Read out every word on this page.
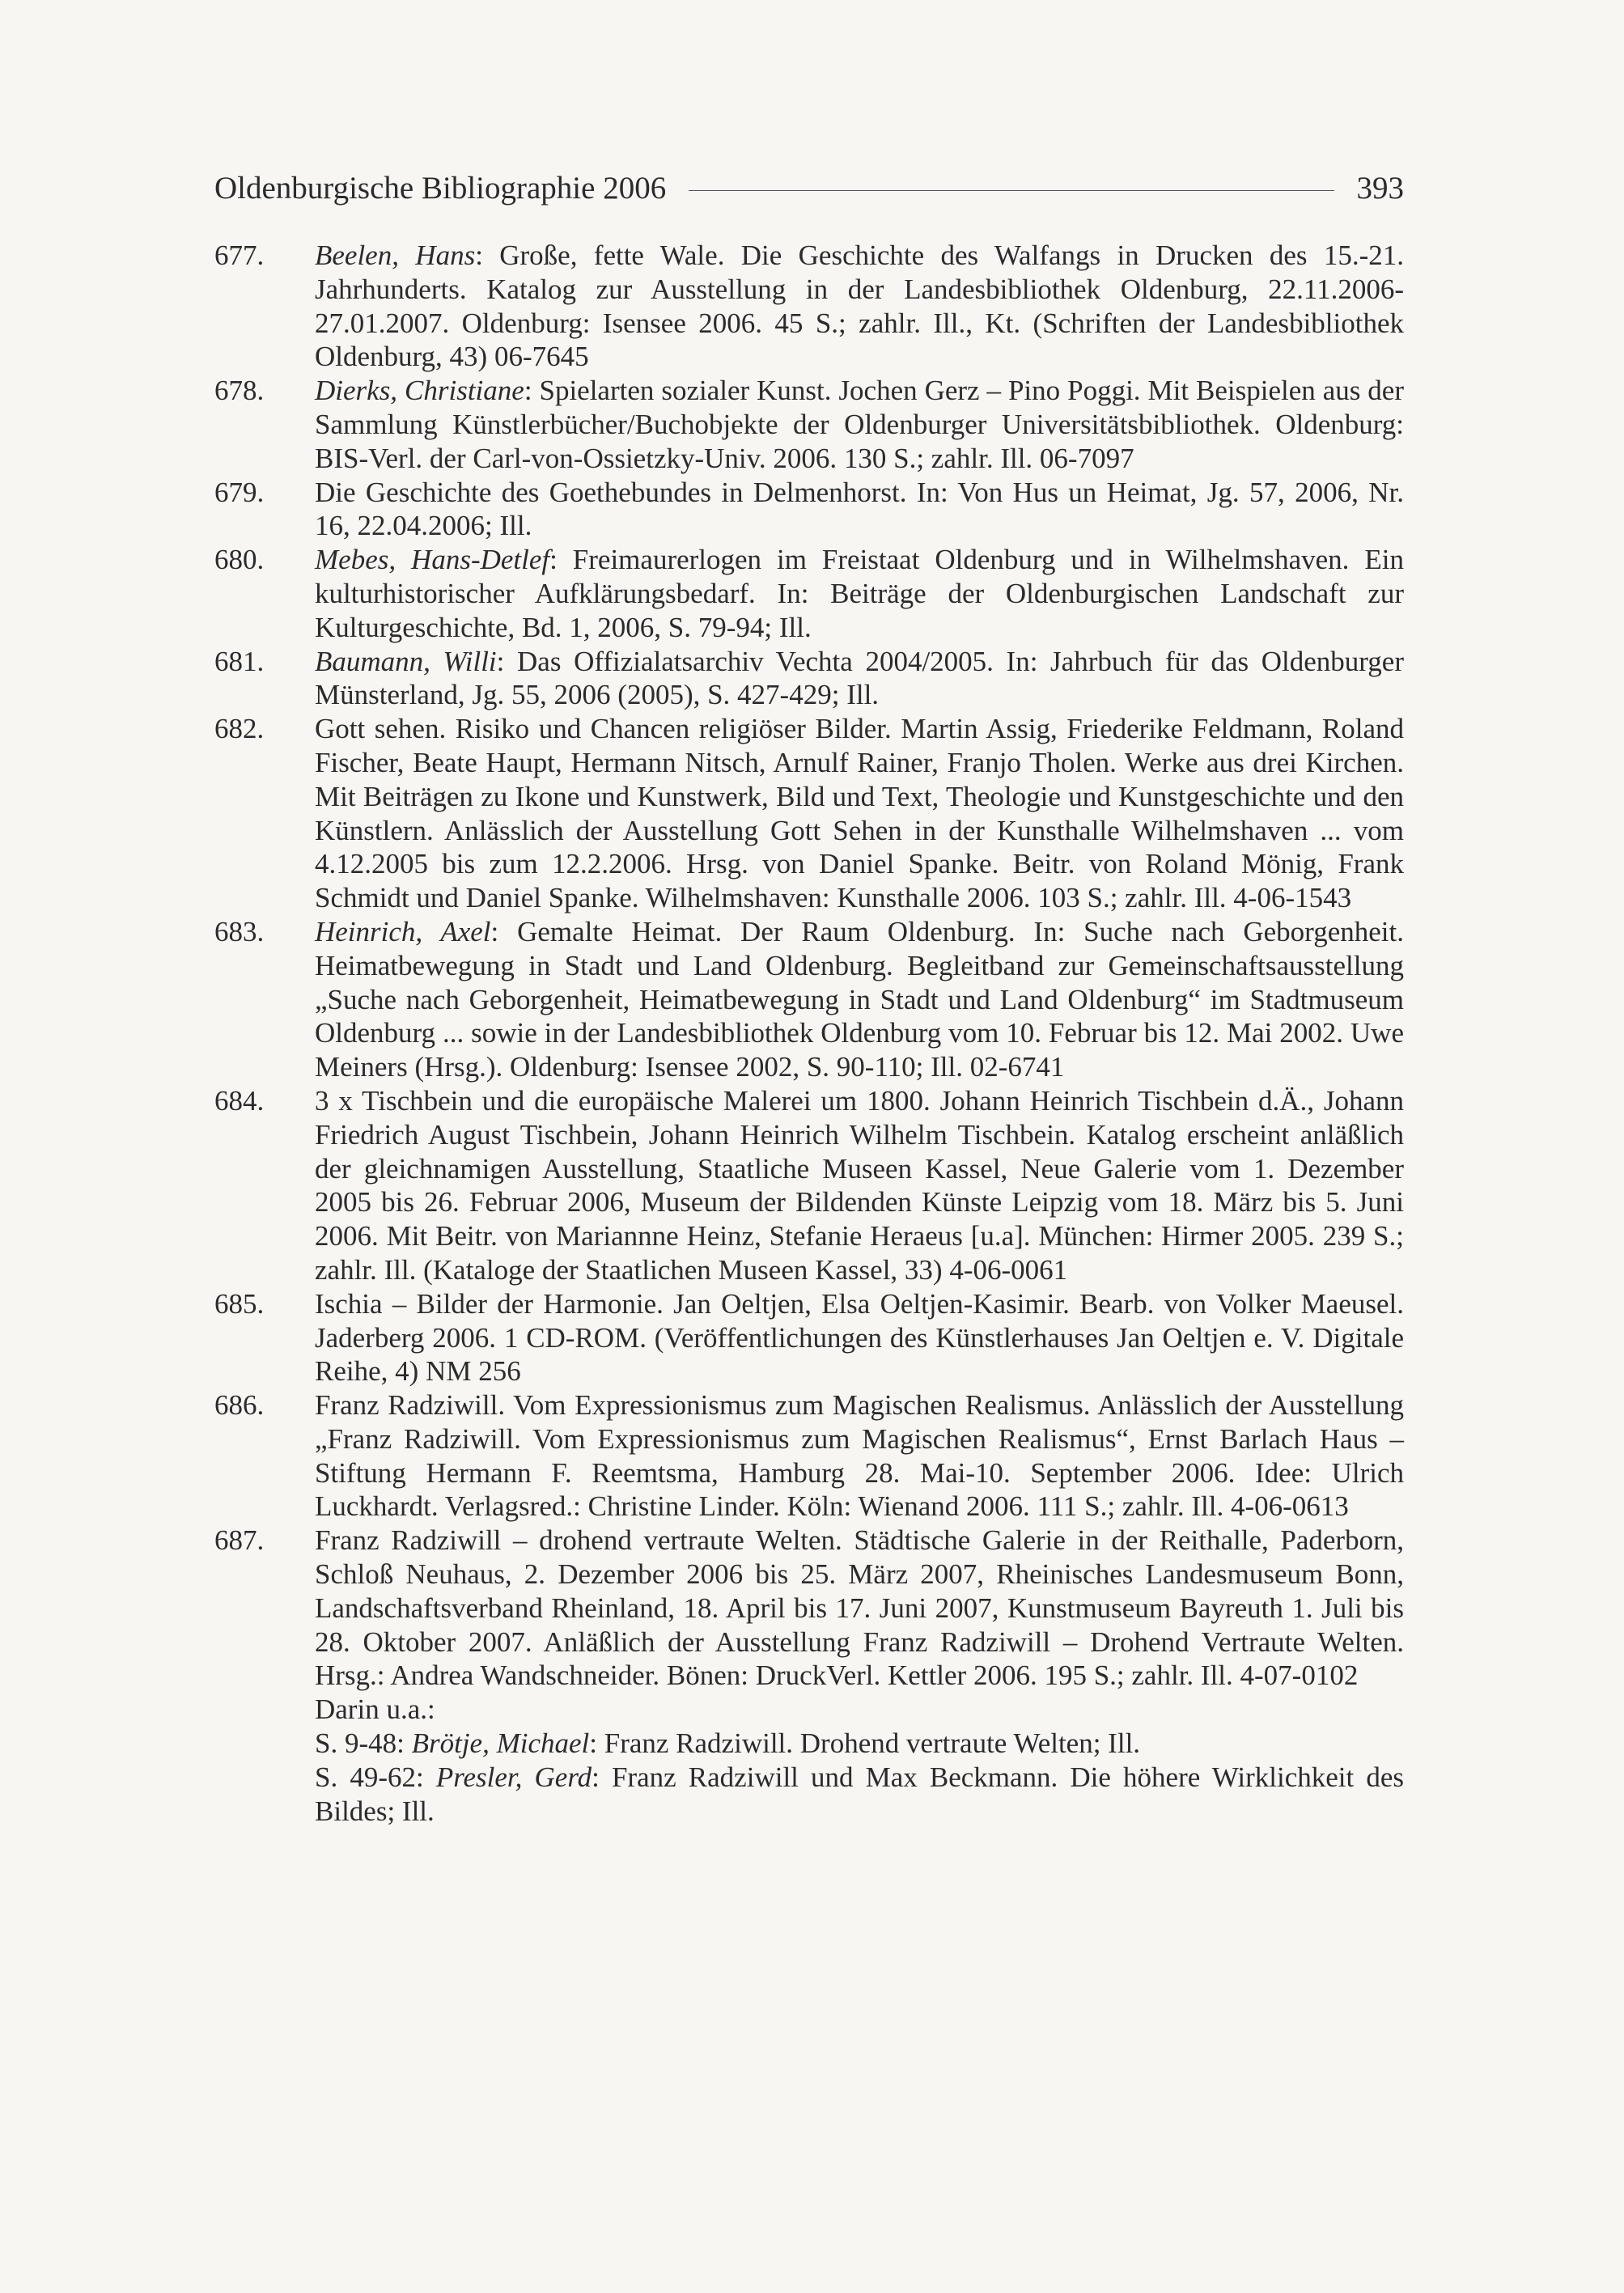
Oldenburgische Bibliographie 2006	393
677.	Beelen, Hans: Große, fette Wale. Die Geschichte des Walfangs in Drucken des 15.-21. Jahrhunderts. Katalog zur Ausstellung in der Landesbibliothek Oldenburg, 22.11.2006-27.01.2007. Oldenburg: Isensee 2006. 45 S.; zahlr. Ill., Kt. (Schriften der Landesbibliothek Oldenburg, 43) 06-7645
678.	Dierks, Christiane: Spielarten sozialer Kunst. Jochen Gerz – Pino Poggi. Mit Beispielen aus der Sammlung Künstlerbücher/Buchobjekte der Oldenburger Universitätsbibliothek. Oldenburg: BIS-Verl. der Carl-von-Ossietzky-Univ. 2006. 130 S.; zahlr. Ill. 06-7097
679.	Die Geschichte des Goethebundes in Delmenhorst. In: Von Hus un Heimat, Jg. 57, 2006, Nr. 16, 22.04.2006; Ill.
680.	Mebes, Hans-Detlef: Freimaurerlogen im Freistaat Oldenburg und in Wilhelmshaven. Ein kulturhistorischer Aufklärungsbedarf. In: Beiträge der Oldenburgischen Landschaft zur Kulturgeschichte, Bd. 1, 2006, S. 79-94; Ill.
681.	Baumann, Willi: Das Offizialatsarchiv Vechta 2004/2005. In: Jahrbuch für das Oldenburger Münsterland, Jg. 55, 2006 (2005), S. 427-429; Ill.
682.	Gott sehen. Risiko und Chancen religiöser Bilder. Martin Assig, Friederike Feldmann, Roland Fischer, Beate Haupt, Hermann Nitsch, Arnulf Rainer, Franjo Tholen. Werke aus drei Kirchen. Mit Beiträgen zu Ikone und Kunstwerk, Bild und Text, Theologie und Kunstgeschichte und den Künstlern. Anlässlich der Ausstellung Gott Sehen in der Kunsthalle Wilhelmshaven ... vom 4.12.2005 bis zum 12.2.2006. Hrsg. von Daniel Spanke. Beitr. von Roland Mönig, Frank Schmidt und Daniel Spanke. Wilhelmshaven: Kunsthalle 2006. 103 S.; zahlr. Ill. 4-06-1543
683.	Heinrich, Axel: Gemalte Heimat. Der Raum Oldenburg. In: Suche nach Geborgenheit. Heimatbewegung in Stadt und Land Oldenburg. Begleitband zur Gemeinschaftsausstellung „Suche nach Geborgenheit, Heimatbewegung in Stadt und Land Oldenburg“ im Stadtmuseum Oldenburg ... sowie in der Landesbibliothek Oldenburg vom 10. Februar bis 12. Mai 2002. Uwe Meiners (Hrsg.). Oldenburg: Isensee 2002, S. 90-110; Ill. 02-6741
684.	3 x Tischbein und die europäische Malerei um 1800. Johann Heinrich Tischbein d.Ä., Johann Friedrich August Tischbein, Johann Heinrich Wilhelm Tischbein. Katalog erscheint anläßlich der gleichnamigen Ausstellung, Staatliche Museen Kassel, Neue Galerie vom 1. Dezember 2005 bis 26. Februar 2006, Museum der Bildenden Künste Leipzig vom 18. März bis 5. Juni 2006. Mit Beitr. von Mariannne Heinz, Stefanie Heraeus [u.a]. München: Hirmer 2005. 239 S.; zahlr. Ill. (Kataloge der Staatlichen Museen Kassel, 33) 4-06-0061
685.	Ischia – Bilder der Harmonie. Jan Oeltjen, Elsa Oeltjen-Kasimir. Bearb. von Volker Maeusel. Jaderberg 2006. 1 CD-ROM. (Veröffentlichungen des Künstlerhauses Jan Oeltjen e. V. Digitale Reihe, 4) NM 256
686.	Franz Radziwill. Vom Expressionismus zum Magischen Realismus. Anlässlich der Ausstellung „Franz Radziwill. Vom Expressionismus zum Magischen Realismus“, Ernst Barlach Haus – Stiftung Hermann F. Reemtsma, Hamburg 28. Mai-10. September 2006. Idee: Ulrich Luckhardt. Verlagsred.: Christine Linder. Köln: Wienand 2006. 111 S.; zahlr. Ill. 4-06-0613
687.	Franz Radziwill – drohend vertraute Welten. Städtische Galerie in der Reithalle, Paderborn, Schloß Neuhaus, 2. Dezember 2006 bis 25. März 2007, Rheinisches Landesmuseum Bonn, Landschaftsverband Rheinland, 18. April bis 17. Juni 2007, Kunstmuseum Bayreuth 1. Juli bis 28. Oktober 2007. Anläßlich der Ausstellung Franz Radziwill – Drohend Vertraute Welten. Hrsg.: Andrea Wandschneider. Bönen: DruckVerl. Kettler 2006. 195 S.; zahlr. Ill. 4-07-0102
Darin u.a.:
S. 9-48: Brötje, Michael: Franz Radziwill. Drohend vertraute Welten; Ill.
S. 49-62: Presler, Gerd: Franz Radziwill und Max Beckmann. Die höhere Wirklichkeit des Bildes; Ill.
